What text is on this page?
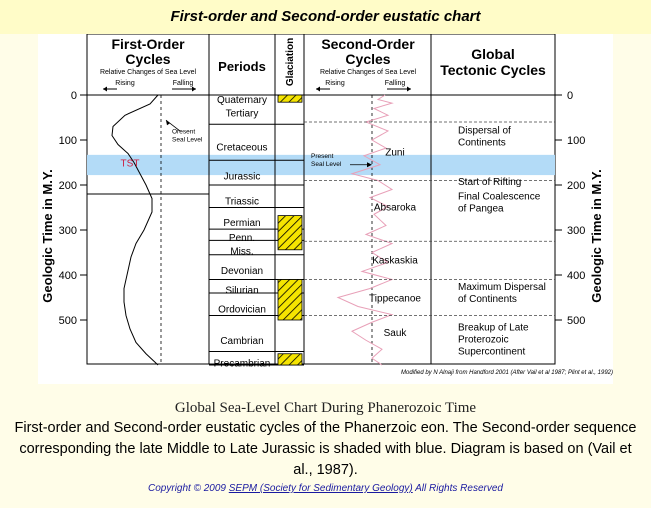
First-order and Second-order eustatic chart
First-Order
Cycles
Relative Changes of Sea Level
Rising	Falling
Periods Glaciation Second-Order
Cycles
Relative Changes of Sea Level
Rising	Falling
Global
Tectonic Cycles
Geologic Time in M.Y.	Geologic Time in M.Y.
0	0
100	100
200	200
300	300
400	400
500	500
Quaternary
Tertiary
Cretaceous
Jurassic
Triassic
Permian
Penn.
Miss.
Devonian
Silurian
Ordovician
Cambrian
Precambrian
Zuni
Absaroka
Kaskaskia
Tippecanoe
Sauk
Dispersal of
Continents
Start of Rifting
Final Coalescence
of Pangea
Maximum Dispersal
of Continents
Breakup of Late
Proterozoic
Supercontinent
TST
Oresent
Seal Level
Present
Seal Level
Modified by N Alnaji from Handford 2001 (After Vail et al 1987; Plint et al., 1992)
Global Sea-Level Chart During Phanerozoic Time
First-order and Second-order eustatic cycles of the Phanerzoic eon. The Second-order sequence corresponding the late Middle to Late Jurassic is shaded with blue. Diagram is based on (Vail et al., 1987).
Copyright © 2009 SEPM (Society for Sedimentary Geology) All Rights Reserved
